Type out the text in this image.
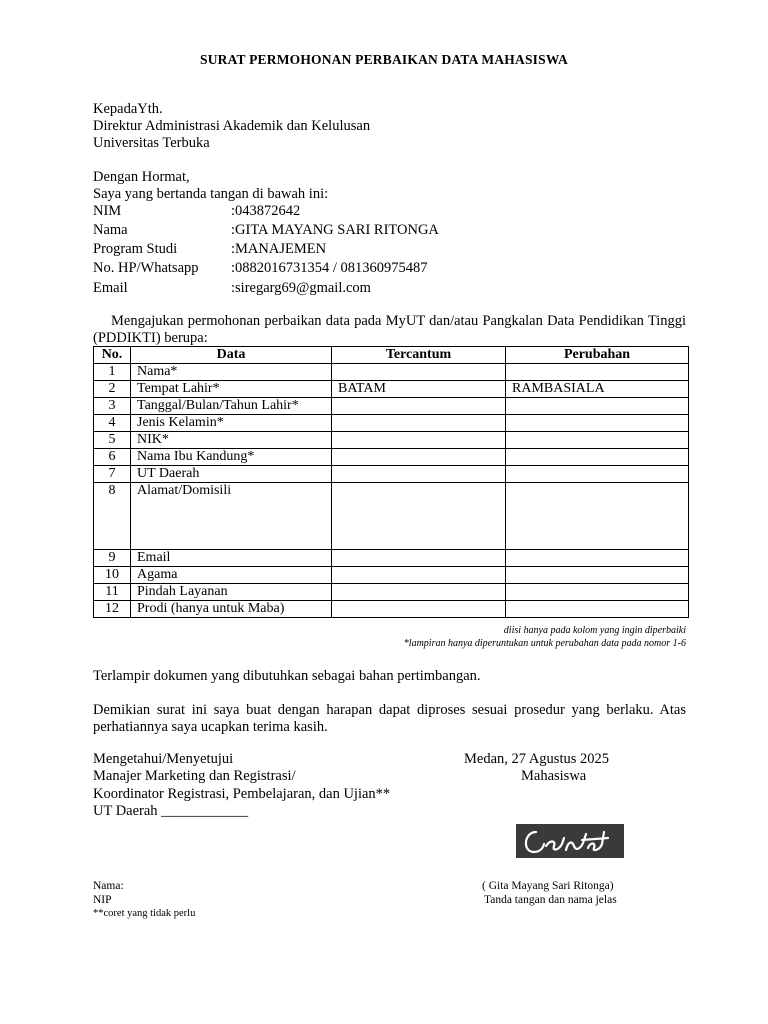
SURAT PERMOHONAN PERBAIKAN DATA MAHASISWA
KepadaYth.
Direktur Administrasi Akademik dan Kelulusan
Universitas Terbuka
Dengan Hormat,
Saya yang bertanda tangan di bawah ini:
NIM	:043872642
Nama	:GITA MAYANG SARI RITONGA
Program Studi	:MANAJEMEN
No. HP/Whatsapp :0882016731354 / 081360975487
Email	:siregarg69@gmail.com
Mengajukan permohonan perbaikan data pada MyUT dan/atau Pangkalan Data Pendidikan Tinggi (PDDIKTI) berupa:
No.	Data	Tercantum	Perubahan
1	Nama*		
2	Tempat Lahir*	BATAM	RAMBASIALA
3	Tanggal/Bulan/Tahun Lahir*		
4	Jenis Kelamin*		
5	NIK*		
6	Nama Ibu Kandung*		
7	UT Daerah		
8	Alamat/Domisili		
9	Email		
10	Agama		
11	Pindah Layanan		
12	Prodi (hanya untuk Maba)		
diisi hanya pada kolom yang ingin diperbaiki
*lampiran hanya diperuntukan untuk perubahan data pada nomor 1-6
Terlampir dokumen yang dibutuhkan sebagai bahan pertimbangan.
Demikian surat ini saya buat dengan harapan dapat diproses sesuai prosedur yang berlaku. Atas perhatiannya saya ucapkan terima kasih.
Mengetahui/Menyetujui
Manajer Marketing dan Registrasi/
Koordinator Registrasi, Pembelajaran, dan Ujian**
UT Daerah ____________
Medan, 27 Agustus 2025
Mahasiswa
Nama:
NIP
**coret yang tidak perlu
( Gita Mayang Sari Ritonga)
Tanda tangan dan nama jelas
